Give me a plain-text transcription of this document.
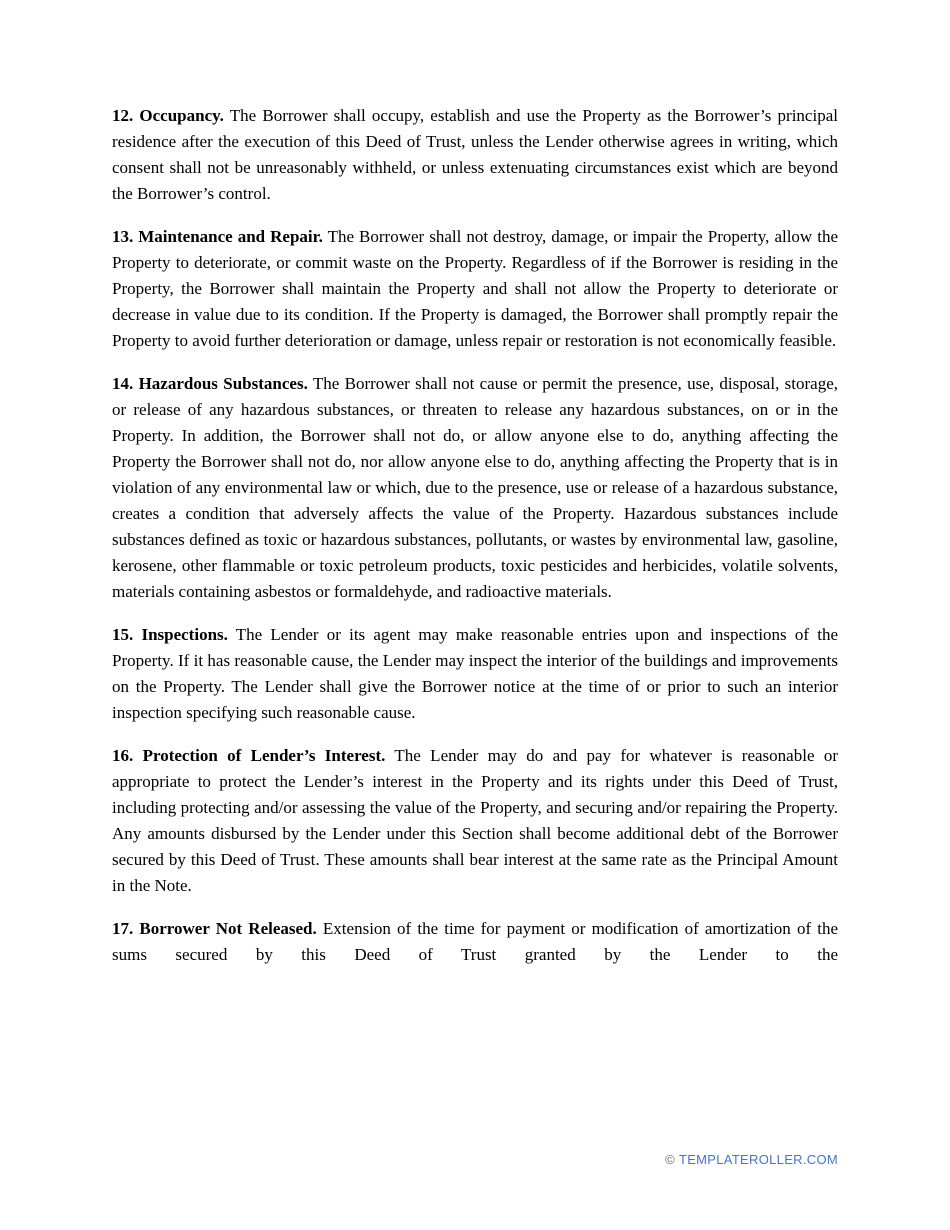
12. Occupancy. The Borrower shall occupy, establish and use the Property as the Borrower’s principal residence after the execution of this Deed of Trust, unless the Lender otherwise agrees in writing, which consent shall not be unreasonably withheld, or unless extenuating circumstances exist which are beyond the Borrower’s control.

13. Maintenance and Repair. The Borrower shall not destroy, damage, or impair the Property, allow the Property to deteriorate, or commit waste on the Property. Regardless of if the Borrower is residing in the Property, the Borrower shall maintain the Property and shall not allow the Property to deteriorate or decrease in value due to its condition. If the Property is damaged, the Borrower shall promptly repair the Property to avoid further deterioration or damage, unless repair or restoration is not economically feasible.

14. Hazardous Substances. The Borrower shall not cause or permit the presence, use, disposal, storage, or release of any hazardous substances, or threaten to release any hazardous substances, on or in the Property. In addition, the Borrower shall not do, or allow anyone else to do, anything affecting the Property the Borrower shall not do, nor allow anyone else to do, anything affecting the Property that is in violation of any environmental law or which, due to the presence, use or release of a hazardous substance, creates a condition that adversely affects the value of the Property. Hazardous substances include substances defined as toxic or hazardous substances, pollutants, or wastes by environmental law, gasoline, kerosene, other flammable or toxic petroleum products, toxic pesticides and herbicides, volatile solvents, materials containing asbestos or formaldehyde, and radioactive materials.

15. Inspections. The Lender or its agent may make reasonable entries upon and inspections of the Property. If it has reasonable cause, the Lender may inspect the interior of the buildings and improvements on the Property. The Lender shall give the Borrower notice at the time of or prior to such an interior inspection specifying such reasonable cause.

16. Protection of Lender’s Interest. The Lender may do and pay for whatever is reasonable or appropriate to protect the Lender’s interest in the Property and its rights under this Deed of Trust, including protecting and/or assessing the value of the Property, and securing and/or repairing the Property. Any amounts disbursed by the Lender under this Section shall become additional debt of the Borrower secured by this Deed of Trust. These amounts shall bear interest at the same rate as the Principal Amount in the Note.

17. Borrower Not Released. Extension of the time for payment or modification of amortization of the sums secured by this Deed of Trust granted by the Lender to the

© TEMPLATEROLLER.COM
